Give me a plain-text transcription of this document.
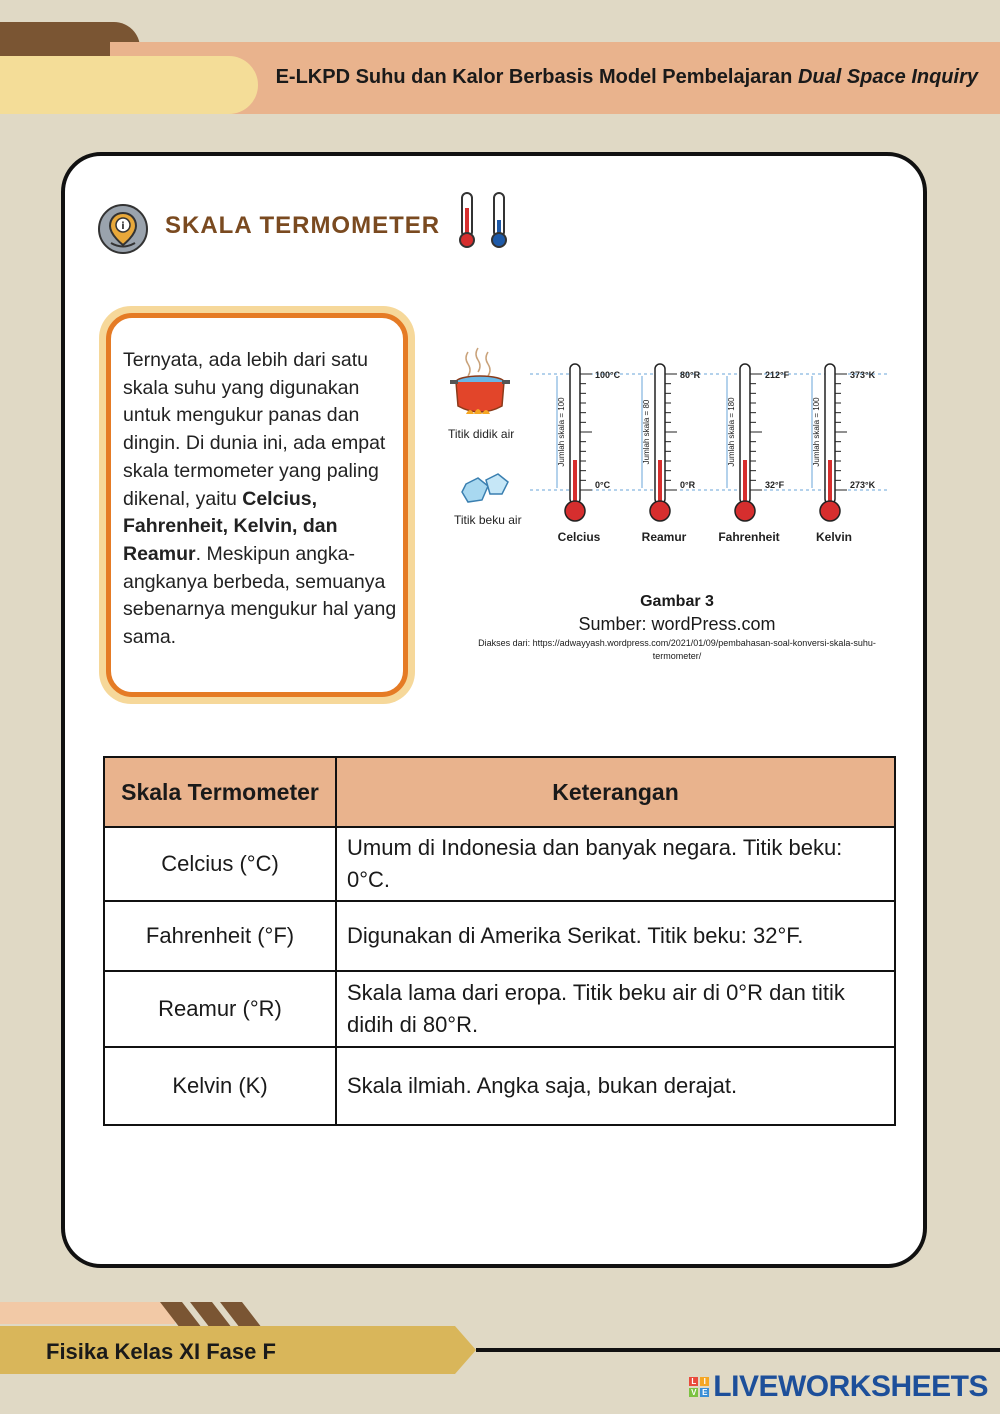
E-LKPD Suhu dan Kalor Berbasis Model Pembelajaran Dual Space Inquiry
i SKALA TERMOMETER
Ternyata, ada lebih dari satu skala suhu yang digunakan untuk mengukur panas dan dingin. Di dunia ini, ada empat skala termometer yang paling dikenal, yaitu Celcius, Fahrenheit, Kelvin, dan Reamur. Meskipun angka-angkanya berbeda, semuanya sebenarnya mengukur hal yang sama.
Titik didik air
Titik beku air
100°C
0°C
Jumlah skala = 100
Celcius
80°R
0°R
Jumlah skala = 80
Reamur
212°F
32°F
Jumlah skala = 180
Fahrenheit
373°K
273°K
Jumlah skala = 100
Kelvin
Gambar 3
Sumber: wordPress.com
Diakses dari: https://adwayyash.wordpress.com/2021/01/09/pembahasan-soal-konversi-skala-suhu-termometer/
Skala Termometer	Keterangan
Celcius (°C)	Umum di Indonesia dan banyak negara. Titik beku: 0°C.
Fahrenheit (°F)	Digunakan di Amerika Serikat. Titik beku: 32°F.
Reamur (°R)	Skala lama dari eropa. Titik beku air di 0°R dan titik didih di 80°R.
Kelvin (K)	Skala ilmiah. Angka saja, bukan derajat.
Fisika Kelas XI Fase F
L I
V E LIVEWORKSHEETS
